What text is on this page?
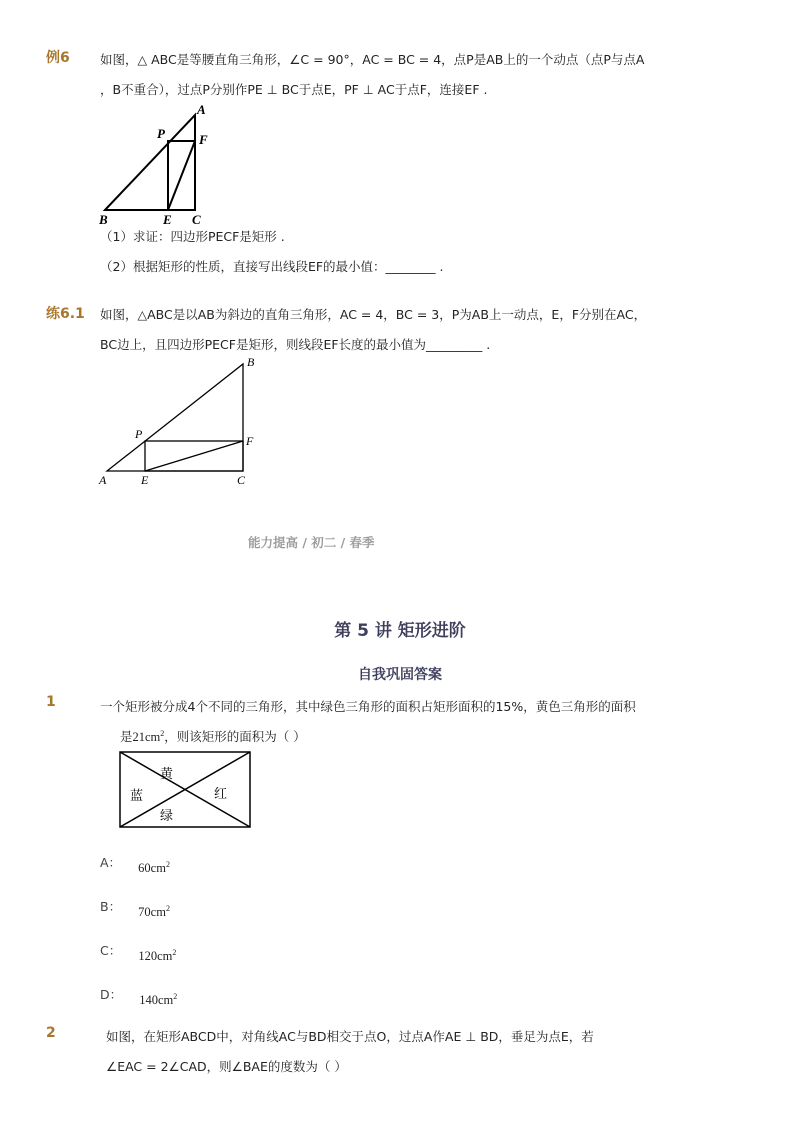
例6 如图，△ ABC是等腰直角三角形，∠C = 90°，AC = BC = 4，点P是AB上的一个动点（点P与点A
，B不重合），过点P分别作PE ⊥ BC于点E，PF ⊥ AC于点F，连接EF .
A
P	F
B	E C
（1）求证：四边形PECF是矩形 .
（2）根据矩形的性质，直接写出线段EF的最小值：________ .
练6.1 如图，△ABC是以AB为斜边的直角三角形，AC = 4，BC = 3，P为AB上一动点，E，F分别在AC，
BC边上，且四边形PECF是矩形，则线段EF长度的最小值为_________ .
B
P	F
A	E	C
能力提高 / 初二 / 春季
第 5 讲 矩形进阶
自我巩固答案
1	一个矩形被分成4个不同的三角形，其中绿色三角形的面积占矩形面积的15%，黄色三角形的面积
是$21cm^2$，则该矩形的面积为（ ）
黄
蓝	红
绿
A： $_{60cm^2}$
B： $_{70cm^2}$
C： $_{120cm^2}$
D： $_{140cm^2}$
2	如图，在矩形ABCD中，对角线AC与BD相交于点O，过点A作AE ⊥ BD，垂足为点E，若
∠EAC = 2∠CAD，则∠BAE的度数为（ ）
